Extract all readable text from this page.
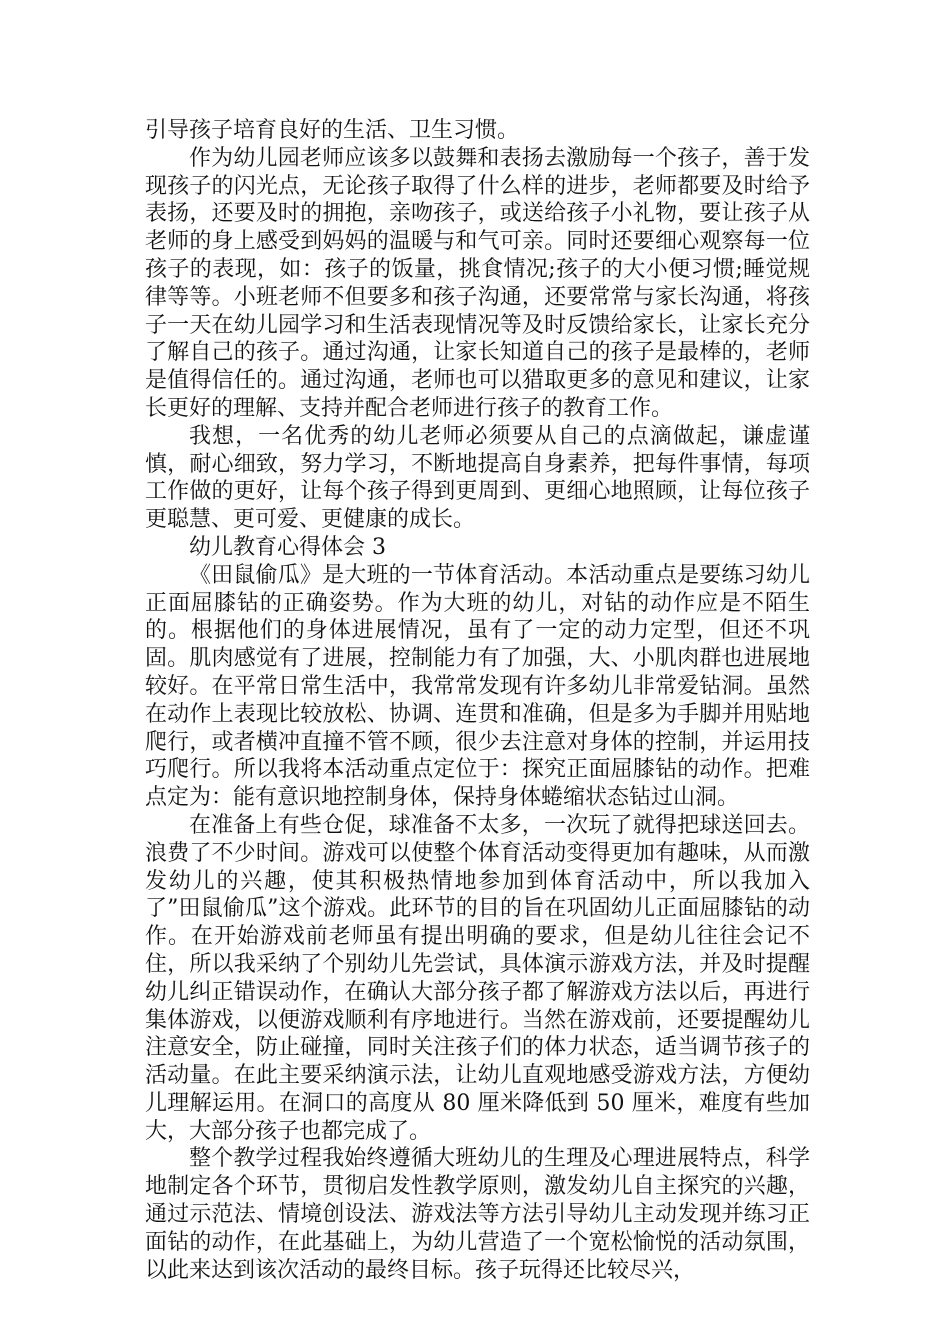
引导孩子培育良好的生活、卫生习惯。

作为幼儿园老师应该多以鼓舞和表扬去激励每一个孩子，善于发现孩子的闪光点，无论孩子取得了什么样的进步，老师都要及时给予表扬，还要及时的拥抱，亲吻孩子，或送给孩子小礼物，要让孩子从老师的身上感受到妈妈的温暖与和气可亲。同时还要细心观察每一位孩子的表现，如：孩子的饭量，挑食情况;孩子的大小便习惯;睡觉规律等等。小班老师不但要多和孩子沟通，还要常常与家长沟通，将孩子一天在幼儿园学习和生活表现情况等及时反馈给家长，让家长充分了解自己的孩子。通过沟通，让家长知道自己的孩子是最棒的，老师是值得信任的。通过沟通，老师也可以猎取更多的意见和建议，让家长更好的理解、支持并配合老师进行孩子的教育工作。

我想，一名优秀的幼儿老师必须要从自己的点滴做起，谦虚谨慎，耐心细致，努力学习，不断地提高自身素养，把每件事情，每项工作做的更好，让每个孩子得到更周到、更细心地照顾，让每位孩子更聪慧、更可爱、更健康的成长。

幼儿教育心得体会 3

《田鼠偷瓜》是大班的一节体育活动。本活动重点是要练习幼儿正面屈膝钻的正确姿势。作为大班的幼儿，对钻的动作应是不陌生的。根据他们的身体进展情况，虽有了一定的动力定型，但还不巩固。肌肉感觉有了进展，控制能力有了加强，大、小肌肉群也进展地较好。在平常日常生活中，我常常发现有许多幼儿非常爱钻洞。虽然在动作上表现比较放松、协调、连贯和准确，但是多为手脚并用贴地爬行，或者横冲直撞不管不顾，很少去注意对身体的控制，并运用技巧爬行。所以我将本活动重点定位于：探究正面屈膝钻的动作。把难点定为：能有意识地控制身体，保持身体蜷缩状态钻过山洞。

在准备上有些仓促，球准备不太多，一次玩了就得把球送回去。浪费了不少时间。游戏可以使整个体育活动变得更加有趣味，从而激发幼儿的兴趣，使其积极热情地参加到体育活动中，所以我加入了”田鼠偷瓜”这个游戏。此环节的目的旨在巩固幼儿正面屈膝钻的动作。在开始游戏前老师虽有提出明确的要求，但是幼儿往往会记不住，所以我采纳了个别幼儿先尝试，具体演示游戏方法，并及时提醒幼儿纠正错误动作，在确认大部分孩子都了解游戏方法以后，再进行集体游戏，以便游戏顺利有序地进行。当然在游戏前，还要提醒幼儿注意安全，防止碰撞，同时关注孩子们的体力状态，适当调节孩子的活动量。在此主要采纳演示法，让幼儿直观地感受游戏方法，方便幼儿理解运用。在洞口的高度从 80 厘米降低到 50 厘米，难度有些加大，大部分孩子也都完成了。

整个教学过程我始终遵循大班幼儿的生理及心理进展特点，科学地制定各个环节，贯彻启发性教学原则，激发幼儿自主探究的兴趣，通过示范法、情境创设法、游戏法等方法引导幼儿主动发现并练习正面钻的动作，在此基础上，为幼儿营造了一个宽松愉悦的活动氛围，以此来达到该次活动的最终目标。孩子玩得还比较尽兴，
